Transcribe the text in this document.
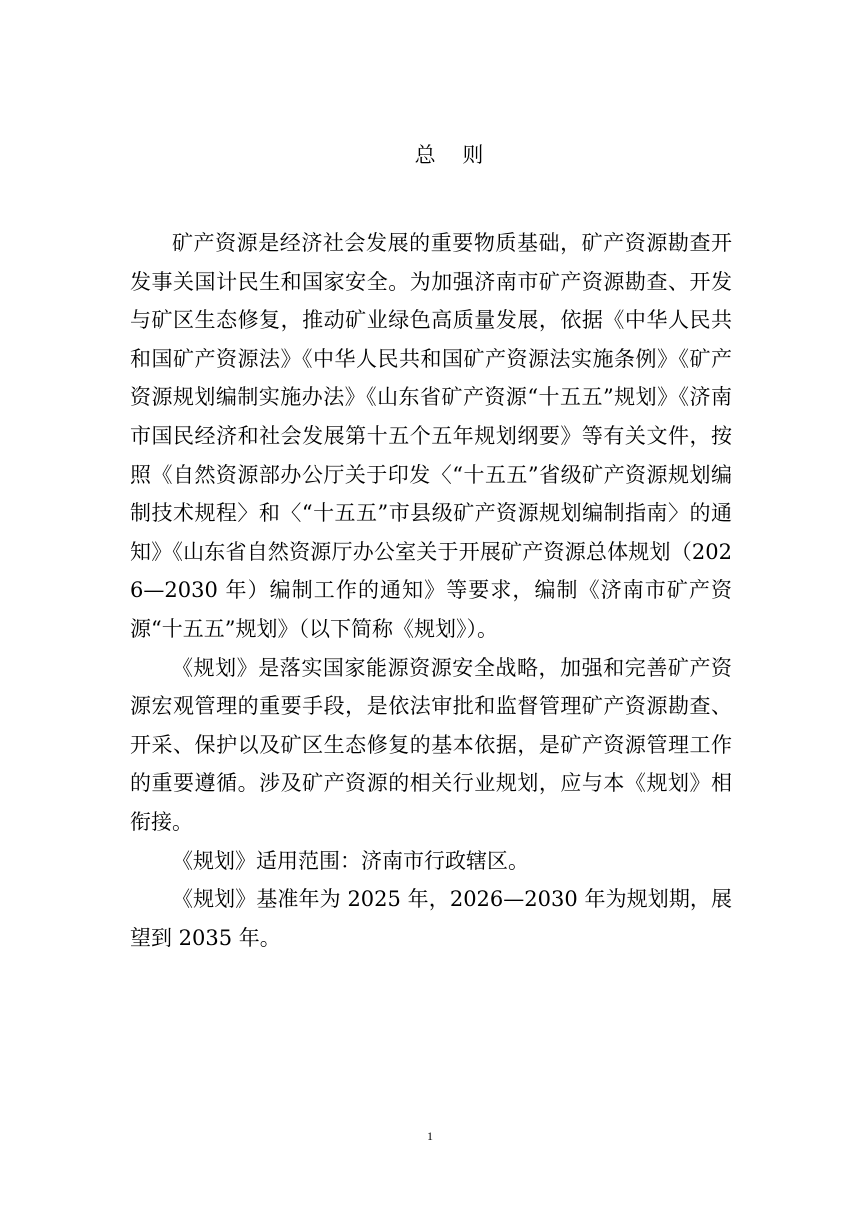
总 则

矿产资源是经济社会发展的重要物质基础，矿产资源勘查开发事关国计民生和国家安全。为加强济南市矿产资源勘查、开发与矿区生态修复，推动矿业绿色高质量发展，依据《中华人民共和国矿产资源法》《中华人民共和国矿产资源法实施条例》《矿产资源规划编制实施办法》《山东省矿产资源“十五五”规划》《济南市国民经济和社会发展第十五个五年规划纲要》等有关文件，按照《自然资源部办公厅关于印发〈“十五五”省级矿产资源规划编制技术规程〉和〈“十五五”市县级矿产资源规划编制指南〉的通知》《山东省自然资源厅办公室关于开展矿产资源总体规划（2026—2030 年）编制工作的通知》等要求，编制《济南市矿产资源“十五五”规划》（以下简称《规划》）。

《规划》是落实国家能源资源安全战略，加强和完善矿产资源宏观管理的重要手段，是依法审批和监督管理矿产资源勘查、开采、保护以及矿区生态修复的基本依据，是矿产资源管理工作的重要遵循。涉及矿产资源的相关行业规划，应与本《规划》相衔接。

《规划》适用范围：济南市行政辖区。

《规划》基准年为 2025 年，2026—2030 年为规划期，展望到 2035 年。

1
